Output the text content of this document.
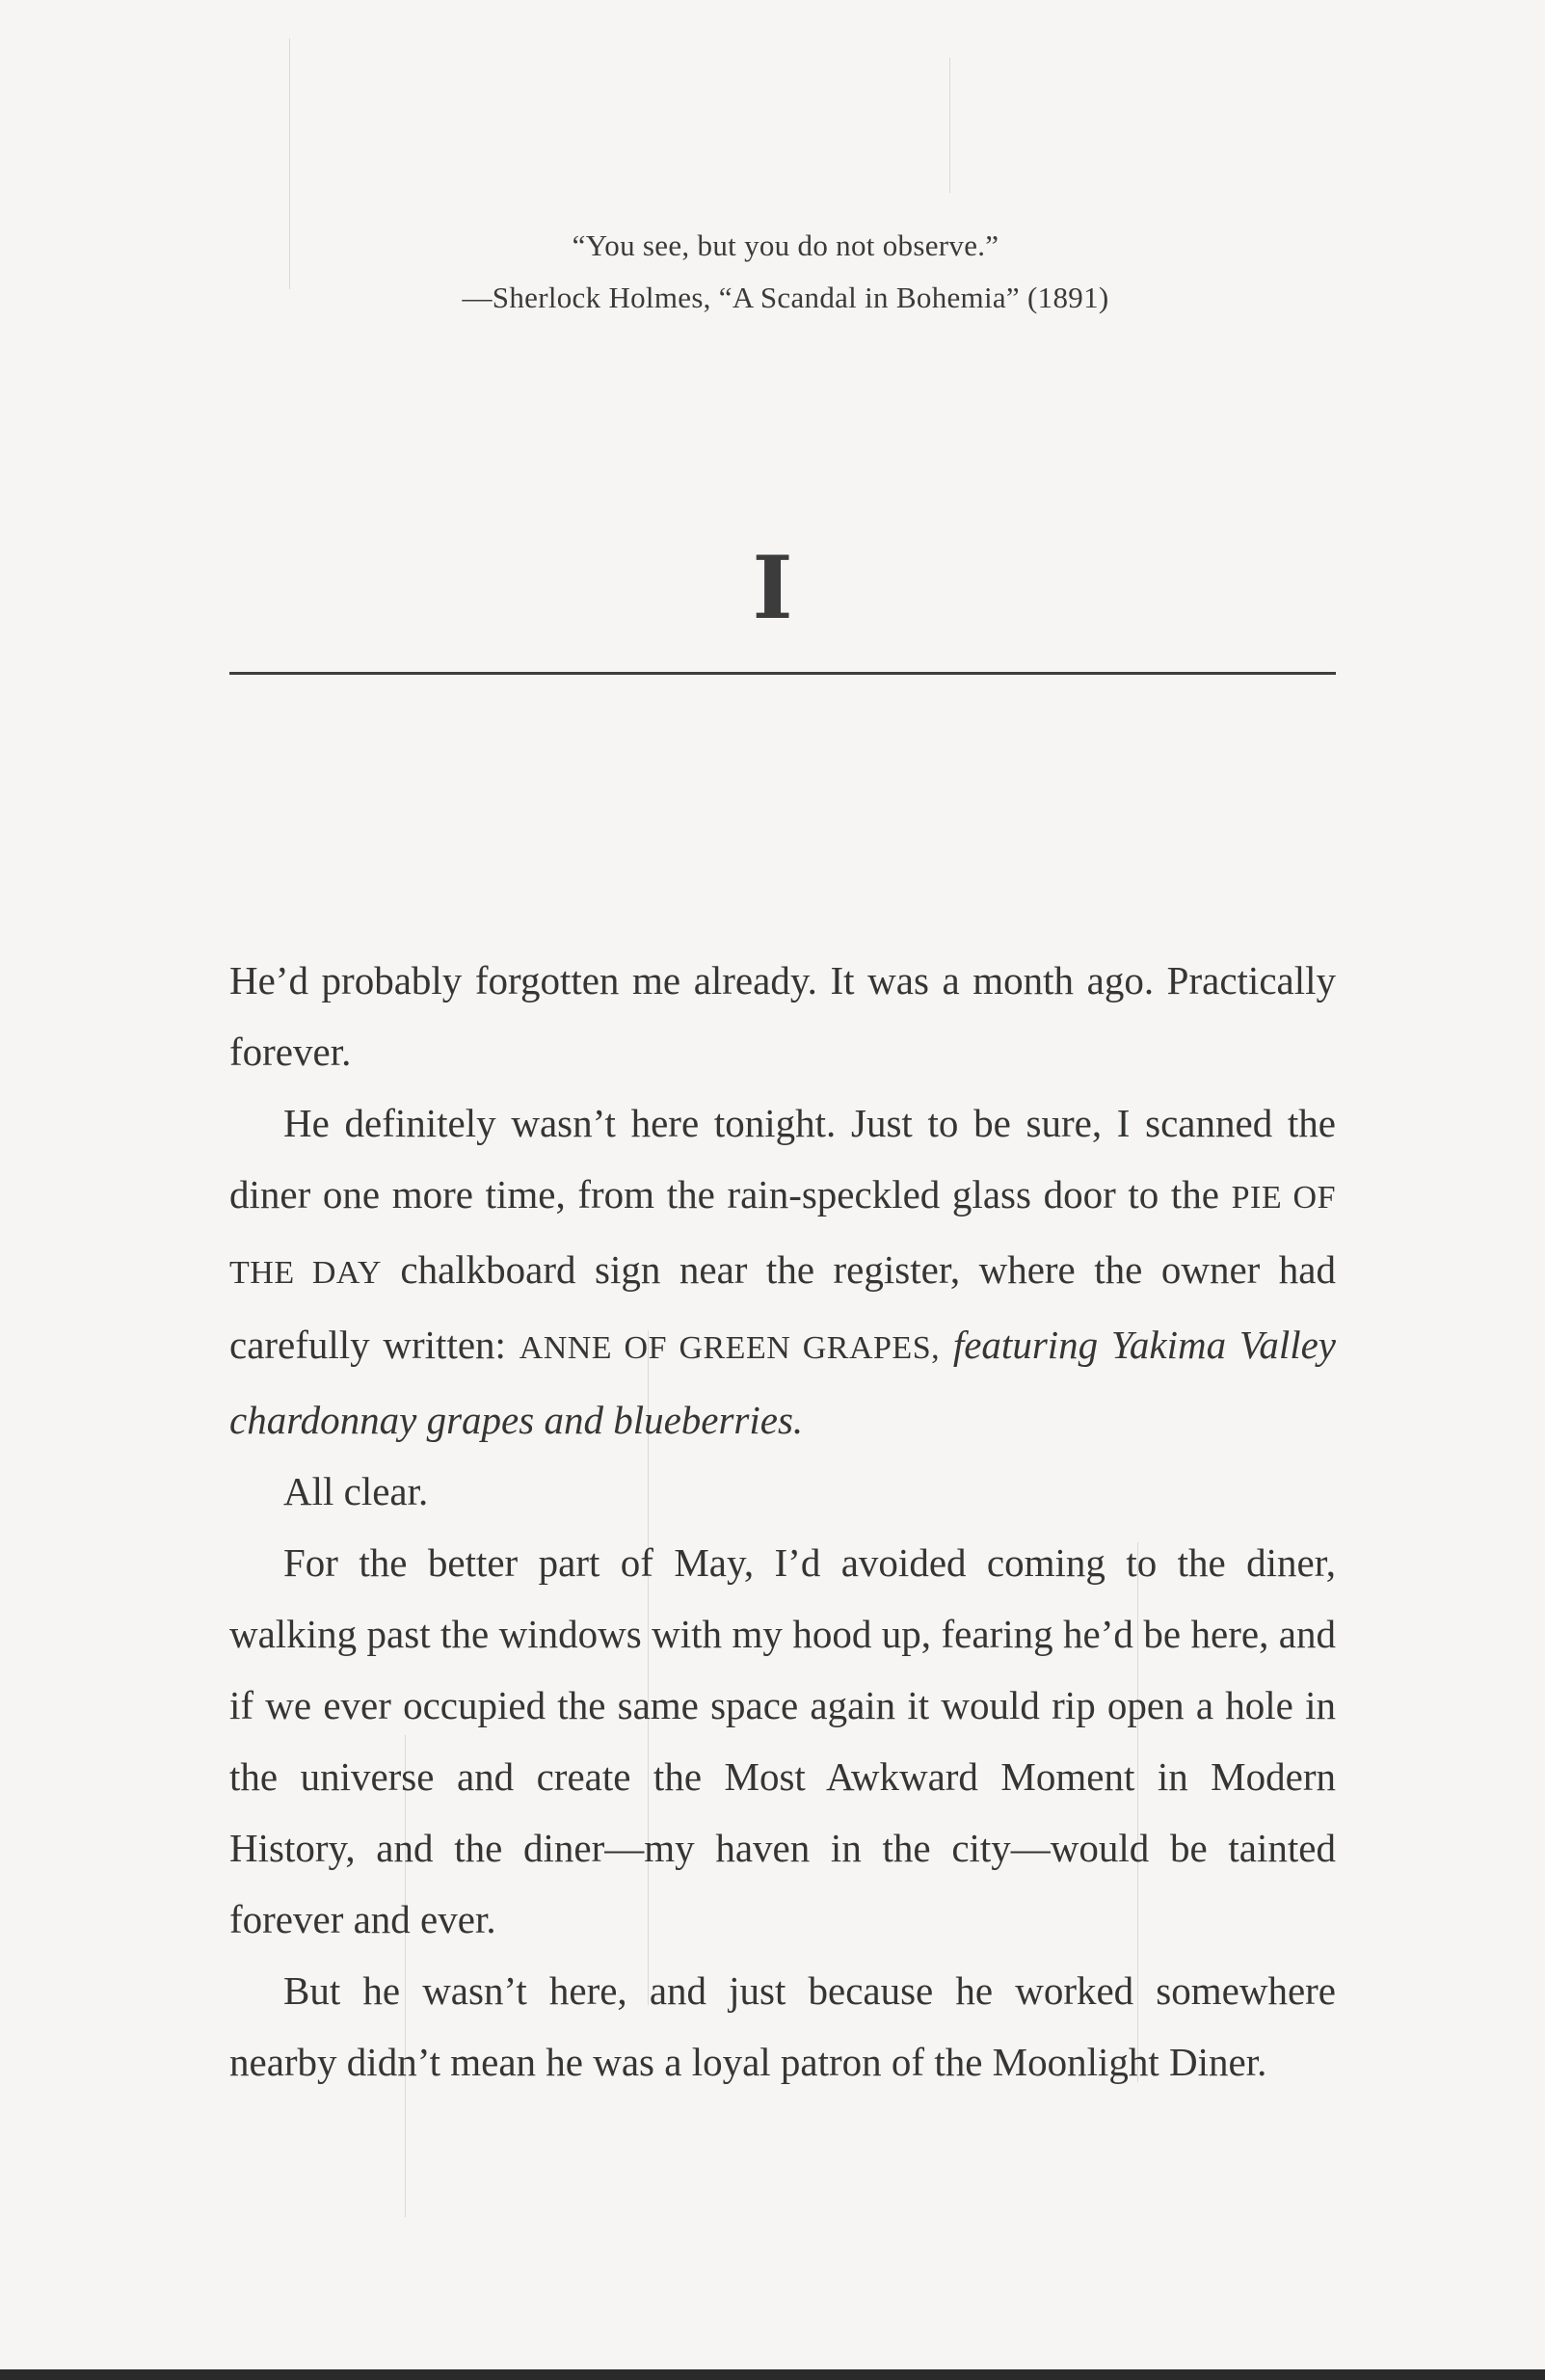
“You see, but you do not observe.”
—Sherlock Holmes, “A Scandal in Bohemia” (1891)
I

He’d probably forgotten me already. It was a month ago. Practically forever.

He definitely wasn’t here tonight. Just to be sure, I scanned the diner one more time, from the rain-speckled glass door to the PIE OF THE DAY chalkboard sign near the register, where the owner had carefully written: ANNE OF GREEN GRAPES, featuring Yakima Valley chardonnay grapes and blueberries.

All clear.

For the better part of May, I’d avoided coming to the diner, walking past the windows with my hood up, fearing he’d be here, and if we ever occupied the same space again it would rip open a hole in the universe and create the Most Awkward Moment in Modern History, and the diner—my haven in the city—would be tainted forever and ever.

But he wasn’t here, and just because he worked somewhere nearby didn’t mean he was a loyal patron of the Moonlight Diner.
